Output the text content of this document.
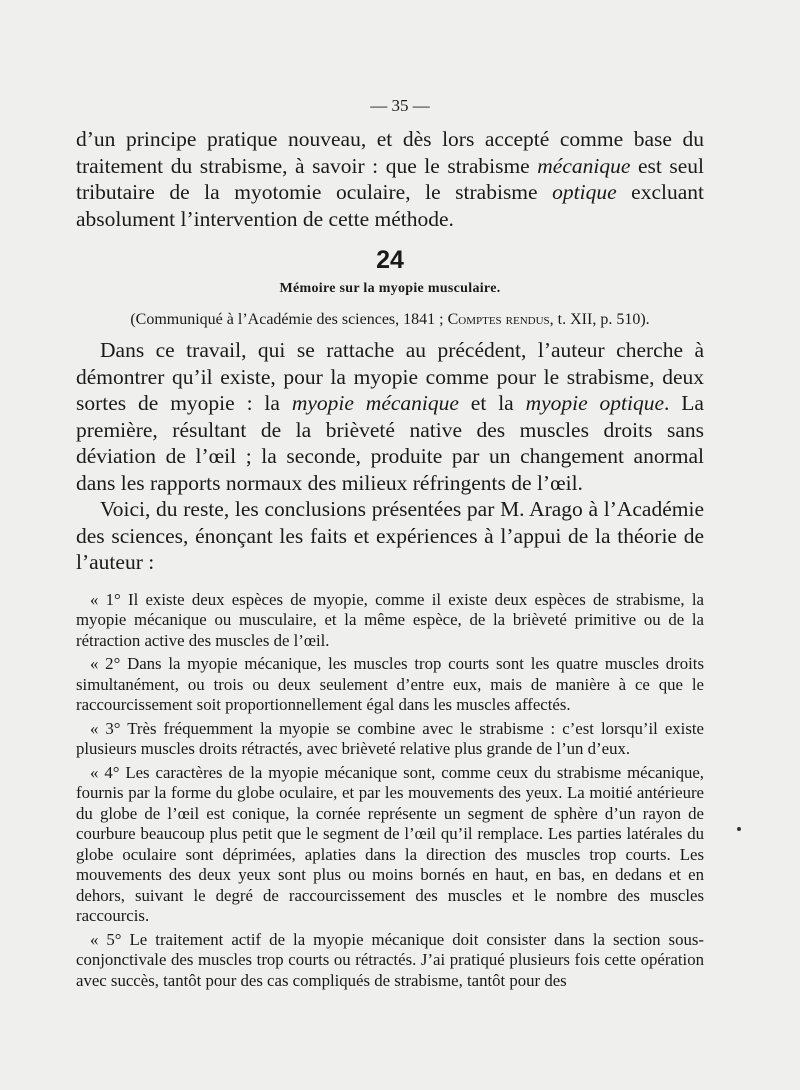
— 35 —

d’un principe pratique nouveau, et dès lors accepté comme base du traitement du strabisme, à savoir : que le strabisme mécanique est seul tributaire de la myotomie oculaire, le strabisme optique excluant absolument l’intervention de cette méthode.

24
Mémoire sur la myopie musculaire.
(Communiqué à l’Académie des sciences, 1841 ; Comptes rendus, t. XII, p. 510).

Dans ce travail, qui se rattache au précédent, l’auteur cherche à démontrer qu’il existe, pour la myopie comme pour le strabisme, deux sortes de myopie : la myopie mécanique et la myopie optique. La première, résultant de la brièveté native des muscles droits sans déviation de l’œil ; la seconde, produite par un changement anormal dans les rapports normaux des milieux réfringents de l’œil.

Voici, du reste, les conclusions présentées par M. Arago à l’Académie des sciences, énonçant les faits et expériences à l’appui de la théorie de l’auteur :

« 1° Il existe deux espèces de myopie, comme il existe deux espèces de strabisme, la myopie mécanique ou musculaire, et la même espèce, de la brièveté primitive ou de la rétraction active des muscles de l’œil.

« 2° Dans la myopie mécanique, les muscles trop courts sont les quatre muscles droits simultanément, ou trois ou deux seulement d’entre eux, mais de manière à ce que le raccourcissement soit proportionnellement égal dans les muscles affectés.

« 3° Très fréquemment la myopie se combine avec le strabisme : c’est lorsqu’il existe plusieurs muscles droits rétractés, avec brièveté relative plus grande de l’un d’eux.

« 4° Les caractères de la myopie mécanique sont, comme ceux du strabisme mécanique, fournis par la forme du globe oculaire, et par les mouvements des yeux. La moitié antérieure du globe de l’œil est conique, la cornée représente un segment de sphère d’un rayon de courbure beaucoup plus petit que le segment de l’œil qu’il remplace. Les parties latérales du globe oculaire sont déprimées, aplaties dans la direction des muscles trop courts. Les mouvements des deux yeux sont plus ou moins bornés en haut, en bas, en dedans et en dehors, suivant le degré de raccourcissement des muscles et le nombre des muscles raccourcis.

« 5° Le traitement actif de la myopie mécanique doit consister dans la section sous-conjonctivale des muscles trop courts ou rétractés. J’ai pratiqué plusieurs fois cette opération avec succès, tantôt pour des cas compliqués de strabisme, tantôt pour des
